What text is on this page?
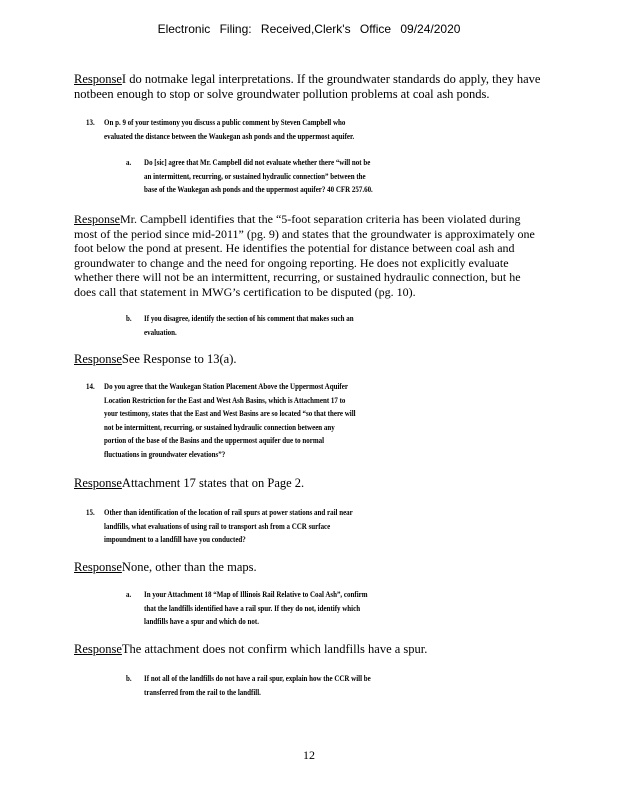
Electronic Filing: Received,Clerk's Office 09/24/2020
ResponseI do notmake legal interpretations. If the groundwater standards do apply, they have
notbeen enough to stop or solve groundwater pollution problems at coal ash ponds.
13. On p. 9 of your testimony you discuss a public comment by Steven Campbell who
evaluated the distance between the Waukegan ash ponds and the uppermost aquifer.
a. Do [sic] agree that Mr. Campbell did not evaluate whether there “will not be
an intermittent, recurring, or sustained hydraulic connection” between the
base of the Waukegan ash ponds and the uppermost aquifer? 40 CFR 257.60.
ResponseMr. Campbell identifies that the “5-foot separation criteria has been violated during
most of the period since mid-2011” (pg. 9) and states that the groundwater is approximately one
foot below the pond at present. He identifies the potential for distance between coal ash and
groundwater to change and the need for ongoing reporting. He does not explicitly evaluate
whether there will not be an intermittent, recurring, or sustained hydraulic connection, but he
does call that statement in MWG’s certification to be disputed (pg. 10).
b. If you disagree, identify the section of his comment that makes such an
evaluation.
ResponseSee Response to 13(a).
14. Do you agree that the Waukegan Station Placement Above the Uppermost Aquifer
Location Restriction for the East and West Ash Basins, which is Attachment 17 to
your testimony, states that the East and West Basins are so located “so that there will
not be intermittent, recurring, or sustained hydraulic connection between any
portion of the base of the Basins and the uppermost aquifer due to normal
fluctuations in groundwater elevations”?
ResponseAttachment 17 states that on Page 2.
15. Other than identification of the location of rail spurs at power stations and rail near
landfills, what evaluations of using rail to transport ash from a CCR surface
impoundment to a landfill have you conducted?
ResponseNone, other than the maps.
a. In your Attachment 18 “Map of Illinois Rail Relative to Coal Ash”, confirm
that the landfills identified have a rail spur. If they do not, identify which
landfills have a spur and which do not.
ResponseThe attachment does not confirm which landfills have a spur.
b. If not all of the landfills do not have a rail spur, explain how the CCR will be
transferred from the rail to the landfill.
12
